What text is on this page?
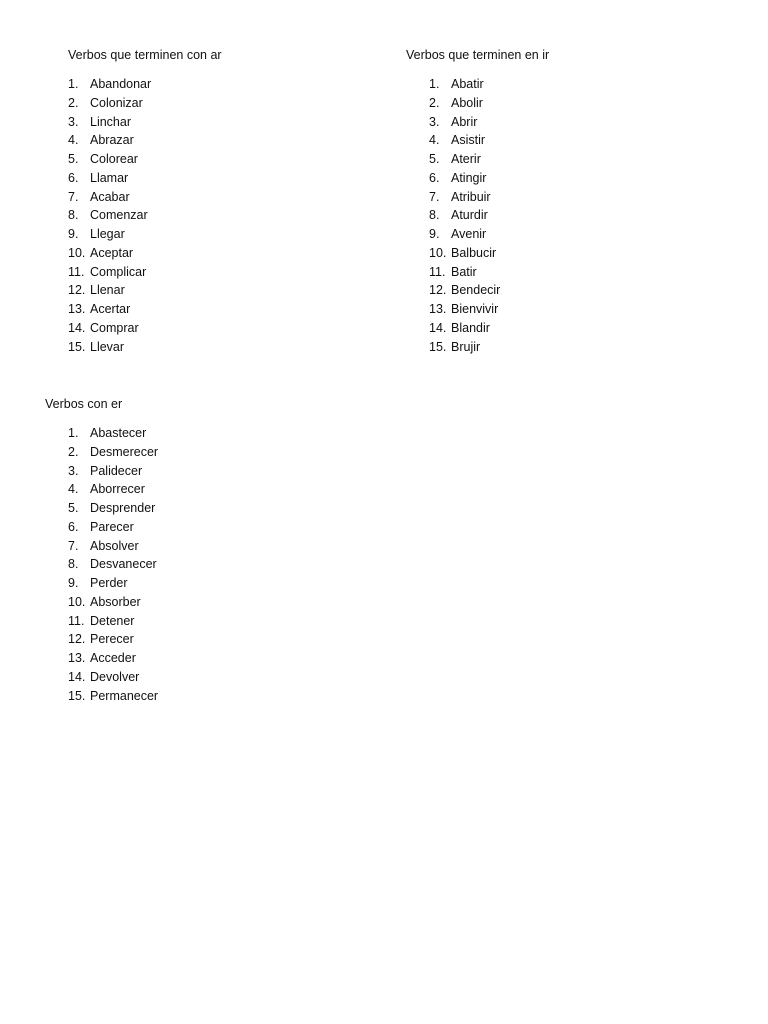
Verbos que terminen con ar
1. Abandonar
2. Colonizar
3. Linchar
4. Abrazar
5. Colorear
6. Llamar
7. Acabar
8. Comenzar
9. Llegar
10. Aceptar
11. Complicar
12. Llenar
13. Acertar
14. Comprar
15. Llevar
Verbos que terminen en ir
1. Abatir
2. Abolir
3. Abrir
4. Asistir
5. Aterir
6. Atingir
7. Atribuir
8. Aturdir
9. Avenir
10. Balbucir
11. Batir
12. Bendecir
13. Bienvivir
14. Blandir
15. Brujir
Verbos con er
1. Abastecer
2. Desmerecer
3. Palidecer
4. Aborrecer
5. Desprender
6. Parecer
7. Absolver
8. Desvanecer
9. Perder
10. Absorber
11. Detener
12. Perecer
13. Acceder
14. Devolver
15. Permanecer
